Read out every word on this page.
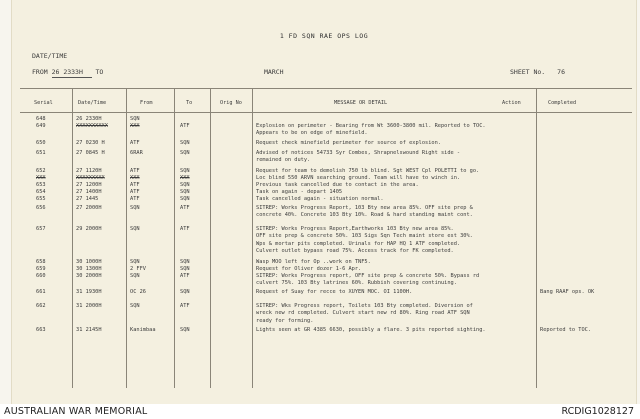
1 FD SQN RAE OPS LOG
DATE/TIME
FROM 26 2333H TO	MARCH	SHEET No. 76
Serial	Date/Time	From	To	Orig No	MESSAGE OR DETAIL	Action	Completed
648	26 2330H	SQN
649	XXXXXXXXXX	XXX	ATF	Explosion on perimeter - Bearing from Wt 3600-3800 mil. Reported to TOC.
Appears to be on edge of minefield.
650	27 0230 H	ATF	SQN	Request check minefield perimeter for source of explosion.
651	27 0845 H	6RAR	SQN	Advised of notices 54733 Syr Combes, Shrapnelswound Right side -
remained on duty.
652	27 1120H	ATF	SQN	Request for team to demolish 750 lb blind. Sgt WEST Cpl POLETTI to go.
XXX	XXXXXXXXX	XXX	XXX	Loc blind 550 ARVN searching ground. Team will have to winch in.
653	27 1200H	ATF	SQN	Previous task cancelled due to contact in the area.
654	27 1400H	ATF	SQN	Task on again - depart 1405
655	27 1445	ATF	SQN	Task cancelled again - situation normal.
656	27 2000H	SQN	ATF	SITREP: Works Progress Report, 103 Bty new area 85%. OFF site prep &
concrete 40%. Concrete 103 Bty 10%. Road & hard standing maint cont.
657	29 2000H	SQN	ATF	SITREP: Works Progress Report,Earthworks 103 Bty new area 85%.
OFF site prep & concrete 50%. 103 Sigs Sqn Tech maint store est 30%.
Wps & mortar pits completed. Urinals for HAP HQ 1 ATF completed.
Culvert outlet bypass road 75%. Access track for FK completed.
658	30 1000H	SQN	SQN	Wasp MOO left for Op ..work on TNF5.
659	30 1300H	2 FFV	SQN	Request for Oliver dozer 1-6 Apr.
660	30 2000H	SQN	ATF	SITREP: Works Progress report, OFF site prep & concrete 50%. Bypass rd
culvert 75%. 103 Bty latrines 60%. Rubbish covering continuing.
661	31 1930H	OC 26	SQN	Request of Suay for recce to XUYEN MOC. OI 1100H.	Bang RAAF ops. OK
662	31 2000H	SQN	ATF	SITREP: Wks Progress report, Toilets 103 Bty completed. Diversion of
wreck new rd completed. Culvert start new rd 80%. Ring road ATF SQN
ready for forming.
663	31 2145H	Kanimbaa	SQN	Lights seen at GR 4385 6630, possibly a flare. 3 pits reported sighting.	Reported to TOC.
AUSTRALIAN WAR MEMORIAL	RCDIG1028127
